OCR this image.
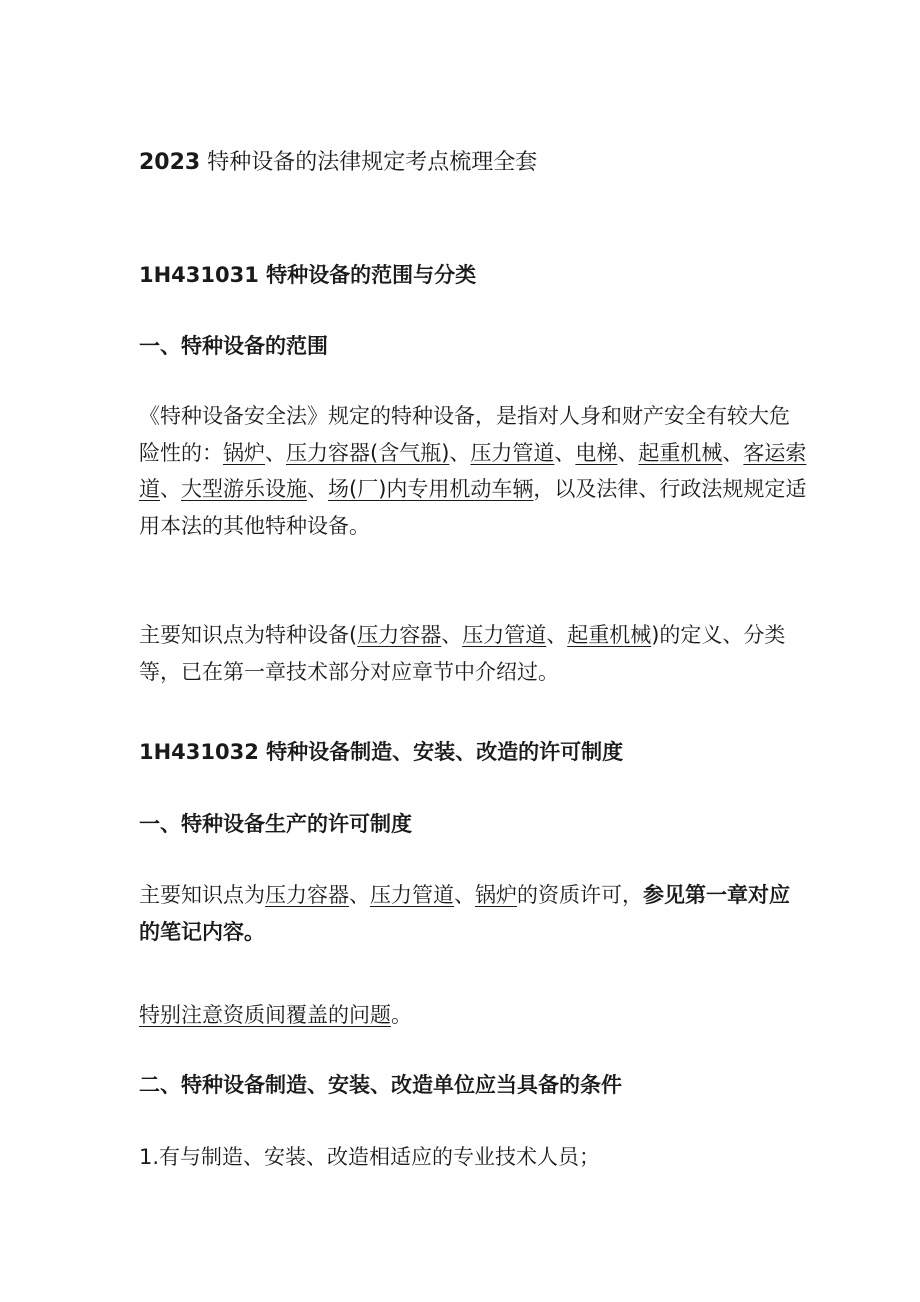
2023 特种设备的法律规定考点梳理全套
1H431031 特种设备的范围与分类
一、特种设备的范围

《特种设备安全法》规定的特种设备，是指对人身和财产安全有较大危险性的：锅炉、压力容器(含气瓶)、压力管道、电梯、起重机械、客运索道、大型游乐设施、场(厂)内专用机动车辆，以及法律、行政法规规定适用本法的其他特种设备。

主要知识点为特种设备(压力容器、压力管道、起重机械)的定义、分类等，已在第一章技术部分对应章节中介绍过。

1H431032 特种设备制造、安装、改造的许可制度
一、特种设备生产的许可制度

主要知识点为压力容器、压力管道、锅炉的资质许可，参见第一章对应的笔记内容。

特别注意资质间覆盖的问题。

二、特种设备制造、安装、改造单位应当具备的条件

1.有与制造、安装、改造相适应的专业技术人员；
